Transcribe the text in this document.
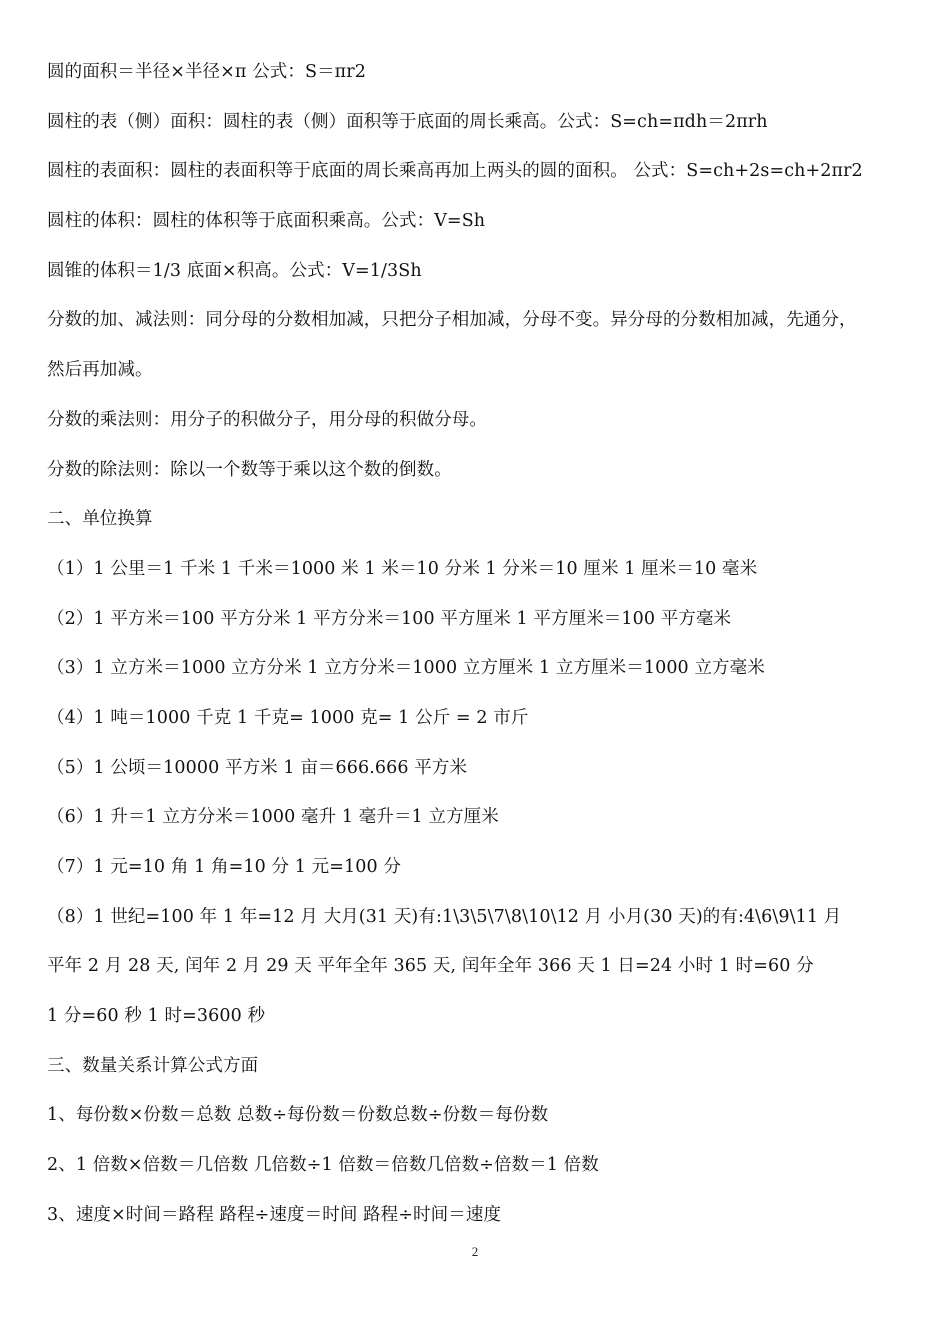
圆的面积＝半径×半径×π 公式：S＝πr2
圆柱的表（侧）面积：圆柱的表（侧）面积等于底面的周长乘高。公式：S=ch=πdh＝2πrh
圆柱的表面积：圆柱的表面积等于底面的周长乘高再加上两头的圆的面积。 公式：S=ch+2s=ch+2πr2
圆柱的体积：圆柱的体积等于底面积乘高。公式：V=Sh
圆锥的体积＝1/3 底面×积高。公式：V=1/3Sh
分数的加、减法则：同分母的分数相加减，只把分子相加减，分母不变。异分母的分数相加减，先通分，
然后再加减。
分数的乘法则：用分子的积做分子，用分母的积做分母。
分数的除法则：除以一个数等于乘以这个数的倒数。
二、单位换算
（1）1 公里＝1 千米 1 千米＝1000 米 1 米＝10 分米 1 分米＝10 厘米 1 厘米＝10 毫米
（2）1 平方米＝100 平方分米 1 平方分米＝100 平方厘米 1 平方厘米＝100 平方毫米
（3）1 立方米＝1000 立方分米 1 立方分米＝1000 立方厘米 1 立方厘米＝1000 立方毫米
（4）1 吨＝1000 千克 1 千克= 1000 克= 1 公斤 = 2 市斤
（5）1 公顷＝10000 平方米 1 亩＝666.666 平方米
（6）1 升＝1 立方分米＝1000 毫升 1 毫升＝1 立方厘米
（7）1 元=10 角 1 角=10 分 1 元=100 分
（8）1 世纪=100 年 1 年=12 月 大月(31 天)有:1\3\5\7\8\10\12 月 小月(30 天)的有:4\6\9\11 月
平年 2 月 28 天, 闰年 2 月 29 天 平年全年 365 天, 闰年全年 366 天 1 日=24 小时 1 时=60 分
1 分=60 秒 1 时=3600 秒
三、数量关系计算公式方面
1、每份数×份数＝总数 总数÷每份数＝份数总数÷份数＝每份数
2、1 倍数×倍数＝几倍数 几倍数÷1 倍数＝倍数几倍数÷倍数＝1 倍数
3、速度×时间＝路程 路程÷速度＝时间 路程÷时间＝速度
2
